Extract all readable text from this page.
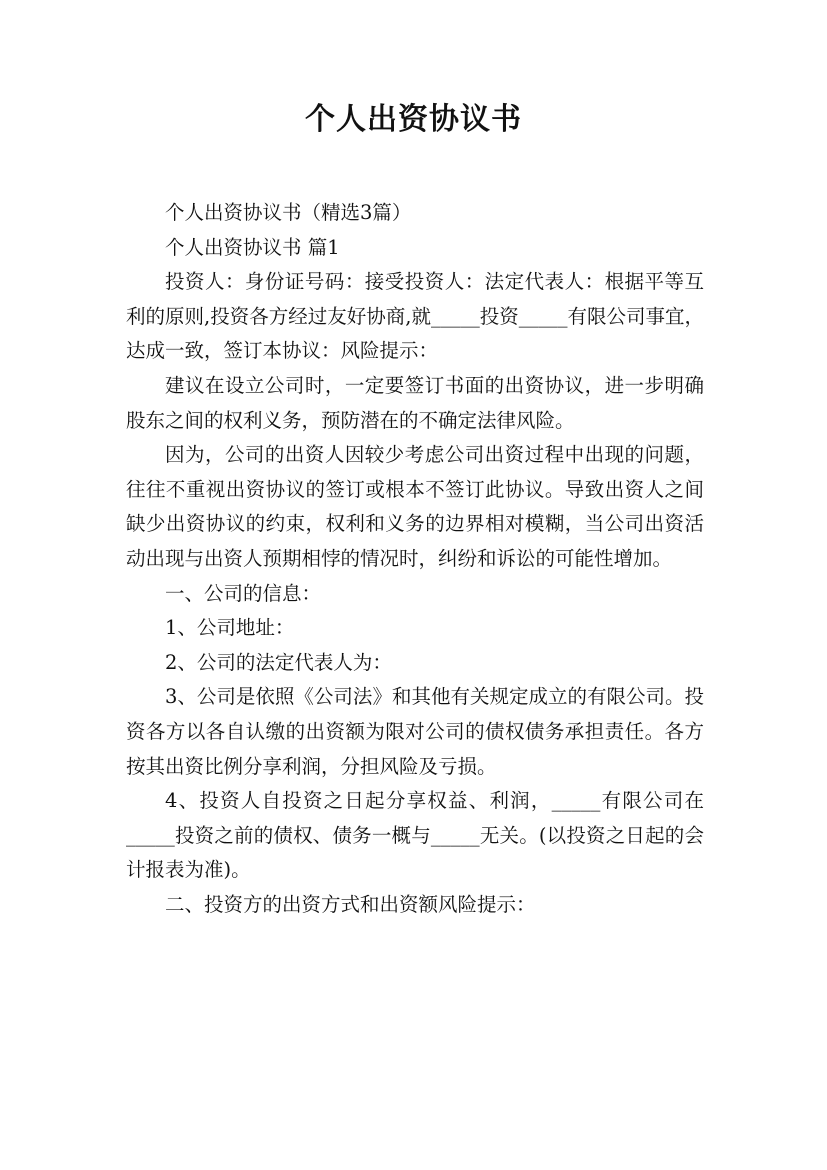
个人出资协议书

个人出资协议书（精选3篇）

个人出资协议书 篇1

投资人：身份证号码：接受投资人：法定代表人：根据平等互利的原则,投资各方经过友好协商,就_____投资_____有限公司事宜，达成一致，签订本协议：风险提示：

建议在设立公司时，一定要签订书面的出资协议，进一步明确股东之间的权利义务，预防潜在的不确定法律风险。

因为，公司的出资人因较少考虑公司出资过程中出现的问题，往往不重视出资协议的签订或根本不签订此协议。导致出资人之间缺少出资协议的约束，权利和义务的边界相对模糊，当公司出资活动出现与出资人预期相悖的情况时，纠纷和诉讼的可能性增加。

一、公司的信息：

1、公司地址：

2、公司的法定代表人为：

3、公司是依照《公司法》和其他有关规定成立的有限公司。投资各方以各自认缴的出资额为限对公司的债权债务承担责任。各方按其出资比例分享利润，分担风险及亏损。

4、投资人自投资之日起分享权益、利润，_____有限公司在_____投资之前的债权、债务一概与_____无关。(以投资之日起的会计报表为准)。

二、投资方的出资方式和出资额风险提示：
